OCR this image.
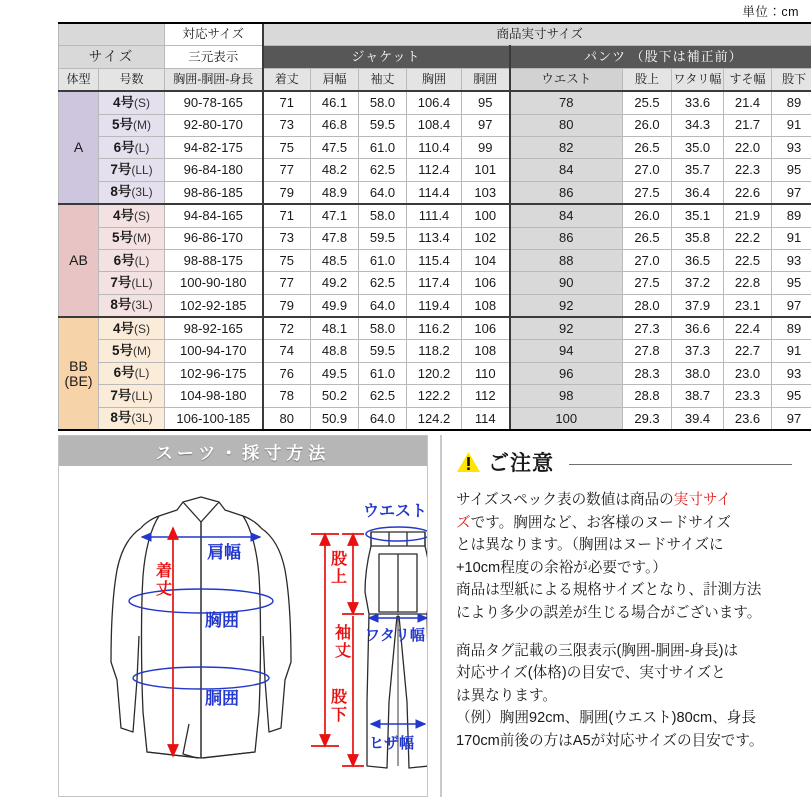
単位：cm
		対応サイズ	商品実寸サイズ									
サイズ		三元表示	ジャケット					パンツ （股下は補正前）				
体型	号数	胸囲-胴囲-身長	着丈	肩幅	袖丈	胸囲	胴囲	ウエスト	股上	ワタリ幅	すそ幅	股下

A	4号(S)	90-78-165	71	46.1	58.0	106.4	95	78	25.5	33.6	21.4	89
	5号(M)	92-80-170	73	46.8	59.5	108.4	97	80	26.0	34.3	21.7	91
	6号(L)	94-82-175	75	47.5	61.0	110.4	99	82	26.5	35.0	22.0	93
	7号(LL)	96-84-180	77	48.2	62.5	112.4	101	84	27.0	35.7	22.3	95
	8号(3L)	98-86-185	79	48.9	64.0	114.4	103	86	27.5	36.4	22.6	97

AB	4号(S)	94-84-165	71	47.1	58.0	111.4	100	84	26.0	35.1	21.9	89
	5号(M)	96-86-170	73	47.8	59.5	113.4	102	86	26.5	35.8	22.2	91
	6号(L)	98-88-175	75	48.5	61.0	115.4	104	88	27.0	36.5	22.5	93
	7号(LL)	100-90-180	77	49.2	62.5	117.4	106	90	27.5	37.2	22.8	95
	8号(3L)	102-92-185	79	49.9	64.0	119.4	108	92	28.0	37.9	23.1	97

BB
(BE)	4号(S)	98-92-165	72	48.1	58.0	116.2	106	92	27.3	36.6	22.4	89
	5号(M)	100-94-170	74	48.8	59.5	118.2	108	94	27.8	37.3	22.7	91
	6号(L)	102-96-175	76	49.5	61.0	120.2	110	96	28.3	38.0	23.0	93
	7号(LL)	104-98-180	78	50.2	62.5	122.2	112	98	28.8	38.7	23.3	95
	8号(3L)	106-100-185	80	50.9	64.0	124.2	114	100	29.3	39.4	23.6	97
スーツ・採寸方法
肩幅
着
丈
胸囲
胴囲
袖
丈
ウエスト
股
上
股
下
ワタリ幅
ヒザ幅
ご注意

サイズスペック表の数値は商品の実寸サイ

ズです。胸囲など、お客様のヌードサイズ

とは異なります。（胸囲はヌードサイズに

+10cm程度の余裕が必要です。）

商品は型紙による規格サイズとなり、計測方法

により多少の誤差が生じる場合がございます。

商品タグ記載の三限表示(胸囲-胴囲-身長)は

対応サイズ(体格)の目安で、実寸サイズと

は異なります。

（例）胸囲92cm、胴囲(ウエスト)80cm、身長

170cm前後の方はA5が対応サイズの目安です。
